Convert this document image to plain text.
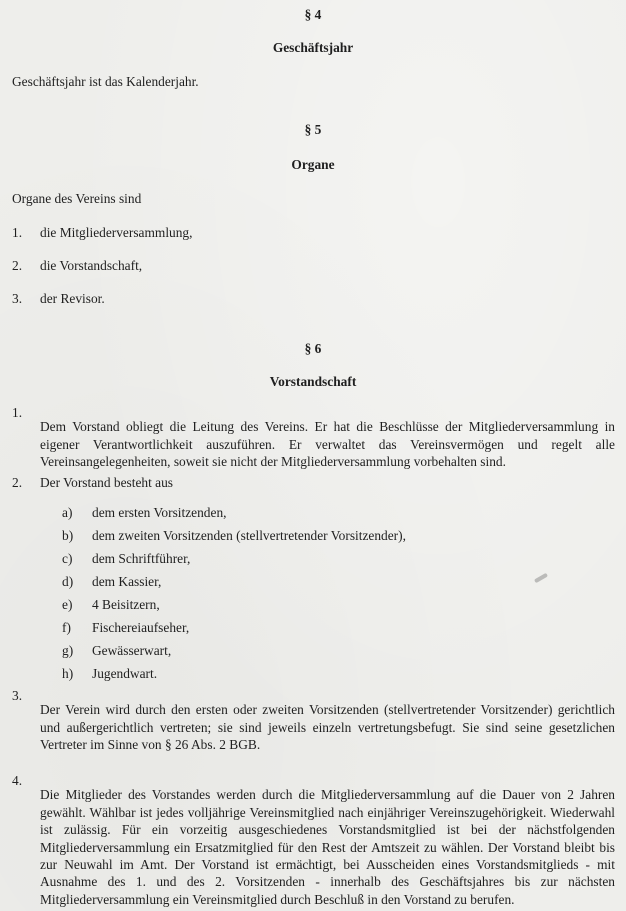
§ 4
Geschäftsjahr
Geschäftsjahr ist das Kalenderjahr.
§ 5
Organe
Organe des Vereins sind
1. die Mitgliederversammlung,
2. die Vorstandschaft,
3. der Revisor.
§ 6
Vorstandschaft
1.

Dem Vorstand obliegt die Leitung des Vereins. Er hat die Beschlüsse der Mitgliederversammlung in eigener Verantwortlichkeit auszuführen. Er verwaltet das Vereinsvermögen und regelt alle Vereinsangelegenheiten, soweit sie nicht der Mitgliederversammlung vorbehalten sind.

2. Der Vorstand besteht aus
a) dem ersten Vorsitzenden,
b) dem zweiten Vorsitzenden (stellvertretender Vorsitzender),
c) dem Schriftführer,
d) dem Kassier,
e) 4 Beisitzern,
f) Fischereiaufseher,
g) Gewässerwart,
h) Jugendwart.
3.

Der Verein wird durch den ersten oder zweiten Vorsitzenden (stellvertretender Vorsitzender) gerichtlich und außergerichtlich vertreten; sie sind jeweils einzeln vertretungsbefugt. Sie sind seine gesetzlichen Vertreter im Sinne von § 26 Abs. 2 BGB.

4.

Die Mitglieder des Vorstandes werden durch die Mitgliederversammlung auf die Dauer von 2 Jahren gewählt. Wählbar ist jedes volljährige Vereinsmitglied nach einjähriger Vereinszugehörigkeit. Wiederwahl ist zulässig. Für ein vorzeitig ausgeschiedenes Vorstandsmitglied ist bei der nächstfolgenden Mitgliederversammlung ein Ersatzmitglied für den Rest der Amtszeit zu wählen. Der Vorstand bleibt bis zur Neuwahl im Amt. Der Vorstand ist ermächtigt, bei Ausscheiden eines Vorstandsmitglieds - mit Ausnahme des 1. und des 2. Vorsitzenden - innerhalb des Geschäftsjahres bis zur nächsten Mitgliederversammlung ein Vereinsmitglied durch Beschluß in den Vorstand zu berufen.
